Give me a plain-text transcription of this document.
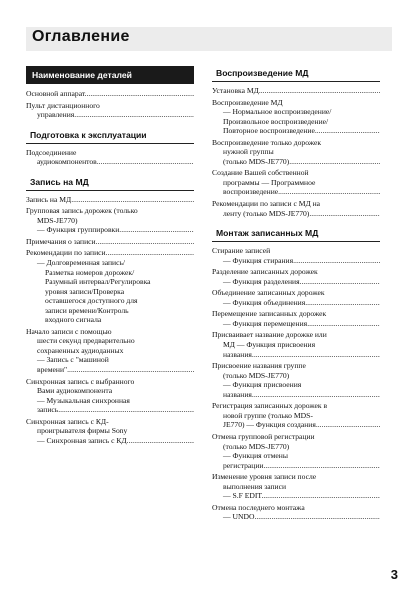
Оглавление
Наименование деталей
Основной аппарат.....
Пульт дистанционного
управления.....
Подготовка к эксплуатации
Подсоединение
аудиокомпонентов.....
Запись на МД
Запись на МД.....
Групповая запись дорожек (только
MDS-JE770)
— Функция группировки.....
Примечания о записи.....
Рекомендации по записи.....
— Долговременная запись/
Разметка номеров дорожек/
Разумный интервал/Регулировка
уровня записи/Проверка
оставшегося доступного для
записи времени/Контроль
входного сигнала
Начало записи с помощью
шести секунд предварительно
сохраненных аудиоданных
— Запись с "машиной
времени".....
Синхронная запись с выбранного
Вами аудиокомпонента
— Музыкальная синхронная
запись.....
Синхронная запись с КД-
проигрывателя фирмы Sony
— Синхронная запись с КД.....
Воспроизведение МД
Установка МД.....
Воспроизведение МД
— Нормальное воспроизведение/
Произвольное воспроизведение/
Повторное воспроизведение.....
Воспроизведение только дорожек
нужной группы
(только MDS-JE770).....
Создание Вашей собственной
программы — Программное
воспроизведение.....
Рекомендации по записи с МД на
ленту (только MDS-JE770).....
Монтаж записанных МД
Стирание записей
— Функция стирания.....
Разделение записанных дорожек
— Функция разделения.....
Объединение записанных дорожек
— Функция объединения.....
Перемещение записанных дорожек
— Функция перемещения.....
Присваивает название дорожке или
МД — Функция присвоения
названия.....
Присвоение названия группе
(только MDS-JE770)
— Функция присвоения
названия.....
Регистрация записанных дорожек в
новой группе (только MDS-
JE770) — Функция создания.....
Отмена групповой регистрации
(только MDS-JE770)
— Функция отмены
регистрации.....
Изменение уровня записи после
выполнения записи
— S.F EDIT.....
Отмена последнего монтажа
— UNDO.....
3
